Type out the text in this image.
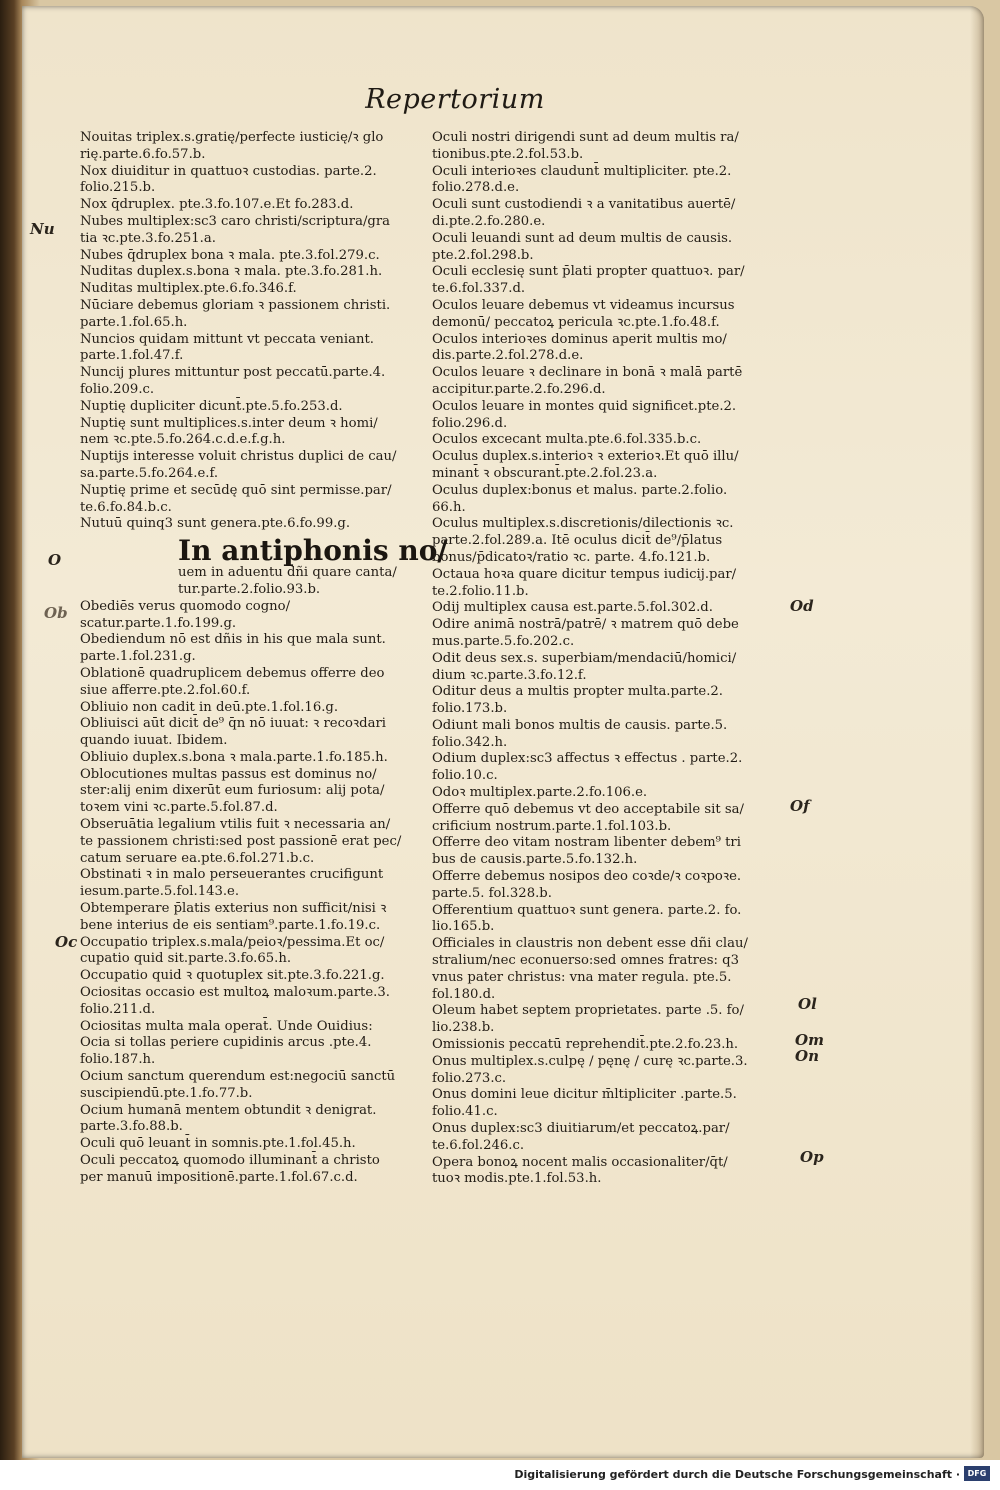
Repertorium
Nu
O
Ob
Oc
Od
Of
Ol
Om
On
Op
Nouitas triplex.s.gratię/perfecte iusticię/ꝛ glo
rię.parte.6.fo.57.b.
Nox diuiditur in quattuoꝛ custodias. parte.2.
folio.215.b.
Nox q̄druplex. pte.3.fo.107.e.Et fo.283.d.
Nubes multiplex:sc3 caro christi/scriptura/gra
tia ꝛc.pte.3.fo.251.a.
Nubes q̄druplex bona ꝛ mala. pte.3.fol.279.c.
Nuditas duplex.s.bona ꝛ mala. pte.3.fo.281.h.
Nuditas multiplex.pte.6.fo.346.f.
Nūciare debemus gloriam ꝛ passionem christi.
parte.1.fol.65.h.
Nuncios quidam mittunt vt peccata veniant.
parte.1.fol.47.f.
Nuncij plures mittuntur post peccatū.parte.4.
folio.209.c.
Nuptię dupliciter dicunt̄.pte.5.fo.253.d.
Nuptię sunt multiplices.s.inter deum ꝛ homi/
nem ꝛc.pte.5.fo.264.c.d.e.f.g.h.
Nuptijs interesse voluit christus duplici de cau/
sa.parte.5.fo.264.e.f.
Nuptię prime et secūdę quō sint permisse.par/
te.6.fo.84.b.c.
Nutuū quinq3 sunt genera.pte.6.fo.99.g.
In antiphonis no/
uem in aduentu dñi quare canta/
tur.parte.2.folio.93.b.
Obediēs verus quomodo cogno/
scatur.parte.1.fo.199.g.
Obediendum nō est dñis in his que mala sunt.
parte.1.fol.231.g.
Oblationē quadruplicem debemus offerre deo
siue afferre.pte.2.fol.60.f.
Obliuio non cadit in deū.pte.1.fol.16.g.
Obliuisci aūt dicit̄ de⁹ q̄n nō iuuat: ꝛ recoꝛdari
quando iuuat. Ibidem.
Obliuio duplex.s.bona ꝛ mala.parte.1.fo.185.h.
Oblocutiones multas passus est dominus no/
ster:alij enim dixerūt eum furiosum: alij pota/
toꝛem vini ꝛc.parte.5.fol.87.d.
Obseruātia legalium vtilis fuit ꝛ necessaria an/
te passionem christi:sed post passionē erat pec/
catum seruare ea.pte.6.fol.271.b.c.
Obstinati ꝛ in malo perseuerantes crucifigunt
iesum.parte.5.fol.143.e.
Obtemperare p̄latis exterius non sufficit/nisi ꝛ
bene interius de eis sentiam⁹.parte.1.fo.19.c.
Occupatio triplex.s.mala/peioꝛ/pessima.Et oc/
cupatio quid sit.parte.3.fo.65.h.
Occupatio quid ꝛ quotuplex sit.pte.3.fo.221.g.
Ociositas occasio est multoꝝ maloꝛum.parte.3.
folio.211.d.
Ociositas multa mala operat̄. Unde Ouidius:
Ocia si tollas periere cupidinis arcus .pte.4.
folio.187.h.
Ocium sanctum querendum est:negociū sanctū
suscipiendū.pte.1.fo.77.b.
Ocium humanā mentem obtundit ꝛ denigrat.
parte.3.fo.88.b.
Oculi quō leuant̄ in somnis.pte.1.fol.45.h.
Oculi peccatoꝝ quomodo illuminant̄ a christo
per manuū impositionē.parte.1.fol.67.c.d.
Oculi nostri dirigendi sunt ad deum multis ra/
tionibus.pte.2.fol.53.b.
Oculi interioꝛes claudunt̄ multipliciter. pte.2.
folio.278.d.e.
Oculi sunt custodiendi ꝛ a vanitatibus auertē/
di.pte.2.fo.280.e.
Oculi leuandi sunt ad deum multis de causis.
pte.2.fol.298.b.
Oculi ecclesię sunt p̄lati propter quattuoꝛ. par/
te.6.fol.337.d.
Oculos leuare debemus vt videamus incursus
demonū/ peccatoꝝ pericula ꝛc.pte.1.fo.48.f.
Oculos interioꝛes dominus aperit multis mo/
dis.parte.2.fol.278.d.e.
Oculos leuare ꝛ declinare in bonā ꝛ malā partē
accipitur.parte.2.fo.296.d.
Oculos leuare in montes quid significet.pte.2.
folio.296.d.
Oculos excecant multa.pte.6.fol.335.b.c.
Oculus duplex.s.interioꝛ ꝛ exterioꝛ.Et quō illu/
minant̄ ꝛ obscurant̄.pte.2.fol.23.a.
Oculus duplex:bonus et malus. parte.2.folio.
66.h.
Oculus multiplex.s.discretionis/dilectionis ꝛc.
parte.2.fol.289.a. Itē oculus dicit̄ de⁹/p̄latus
bonus/p̄dicatoꝛ/ratio ꝛc. parte. 4.fo.121.b.
Octaua hoꝛa quare dicitur tempus iudicij.par/
te.2.folio.11.b.
Odij multiplex causa est.parte.5.fol.302.d.
Odire animā nostrā/patrē/ ꝛ matrem quō debe
mus.parte.5.fo.202.c.
Odit deus sex.s. superbiam/mendaciū/homici/
dium ꝛc.parte.3.fo.12.f.
Oditur deus a multis propter multa.parte.2.
folio.173.b.
Odiunt mali bonos multis de causis. parte.5.
folio.342.h.
Odium duplex:sc3 affectus ꝛ effectus . parte.2.
folio.10.c.
Odoꝛ multiplex.parte.2.fo.106.e.
Offerre quō debemus vt deo acceptabile sit sa/
crificium nostrum.parte.1.fol.103.b.
Offerre deo vitam nostram libenter debem⁹ tri
bus de causis.parte.5.fo.132.h.
Offerre debemus nosipos deo coꝛde/ꝛ coꝛpoꝛe.
parte.5. fol.328.b.
Offerentium quattuoꝛ sunt genera. parte.2. fo.
lio.165.b.
Officiales in claustris non debent esse dñi clau/
stralium/nec econuerso:sed omnes fratres: q3
vnus pater christus: vna mater regula. pte.5.
fol.180.d.
Oleum habet septem proprietates. parte .5. fo/
lio.238.b.
Omissionis peccatū reprehendit̄.pte.2.fo.23.h.
Onus multiplex.s.culpę / pęnę / curę ꝛc.parte.3.
folio.273.c.
Onus domini leue dicitur m̄ltipliciter .parte.5.
folio.41.c.
Onus duplex:sc3 diuitiarum/et peccatoꝝ.par/
te.6.fol.246.c.
Opera bonoꝝ nocent malis occasionaliter/q̄t/
tuoꝛ modis.pte.1.fol.53.h.
Digitalisierung gefördert durch die Deutsche Forschungsgemeinschaft · DFG
